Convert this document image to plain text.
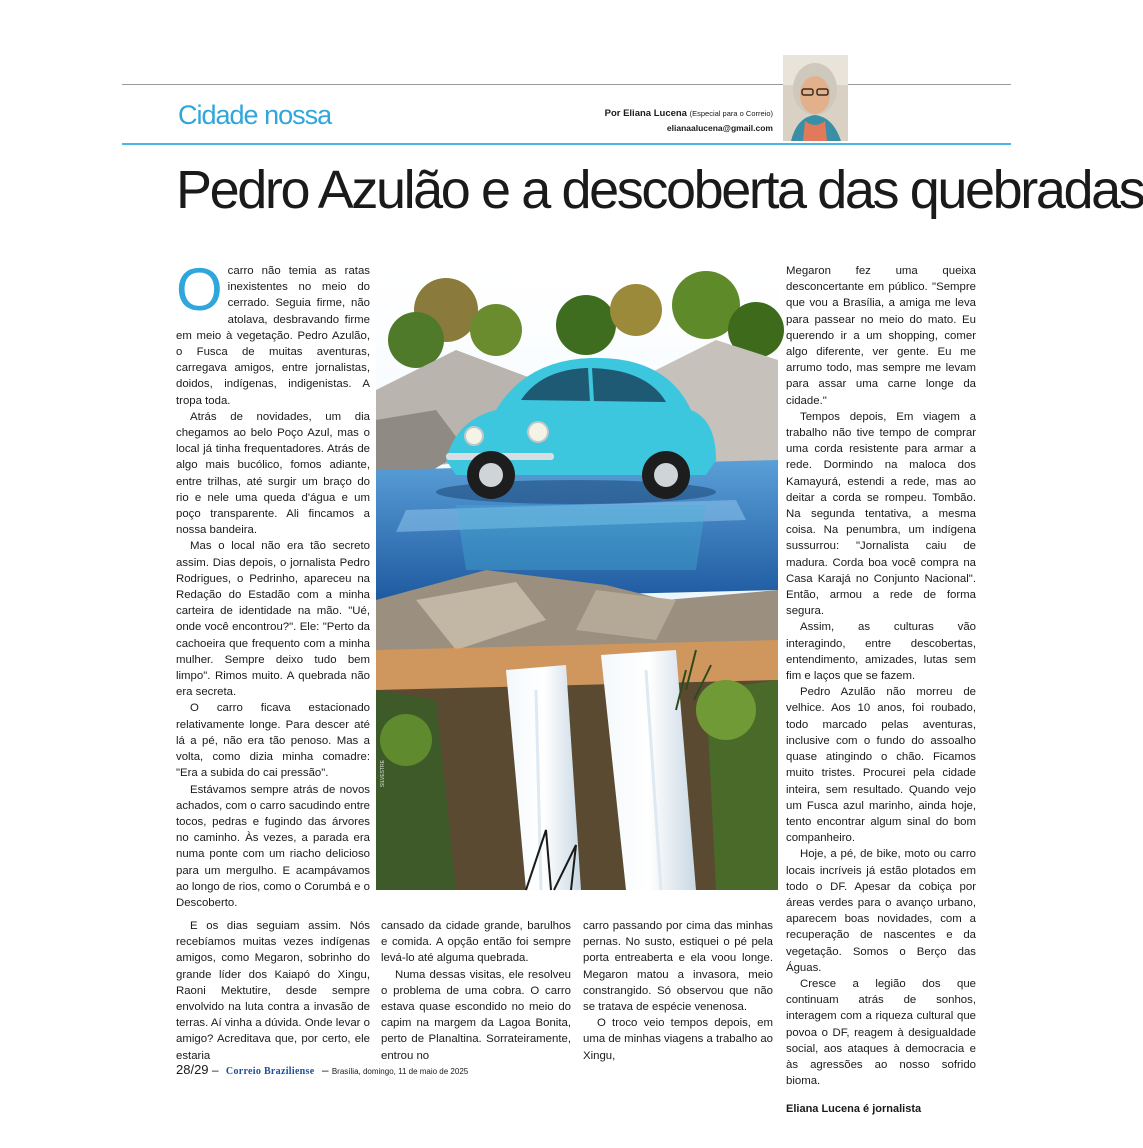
Cidade nossa	Por Eliana Lucena (Especial para o Correio)
elianaalucena@gmail.com
Pedro Azulão e a descoberta das quebradas

Ocarro não temia as ratas inexistentes no meio do cerrado. Seguia firme, não atolava, desbravando firme em meio à vegetação. Pedro Azulão, o Fusca de muitas aventuras, carregava amigos, entre jornalistas, doidos, indígenas, indigenistas. A tropa toda.

Atrás de novidades, um dia chegamos ao belo Poço Azul, mas o local já tinha frequentadores. Atrás de algo mais bucólico, fomos adiante, entre trilhas, até surgir um braço do rio e nele uma queda d'água e um poço transparente. Ali fincamos a nossa bandeira.

Mas o local não era tão secreto assim. Dias depois, o jornalista Pedro Rodrigues, o Pedrinho, apareceu na Redação do Estadão com a minha carteira de identidade na mão. "Ué, onde você encontrou?". Ele: "Perto da cachoeira que frequento com a minha mulher. Sempre deixo tudo bem limpo". Rimos muito. A quebrada não era secreta.

O carro ficava estacionado relativamente longe. Para descer até lá a pé, não era tão penoso. Mas a volta, como dizia minha comadre: "Era a subida do cai pressão".

Estávamos sempre atrás de novos achados, com o carro sacudindo entre tocos, pedras e fugindo das árvores no caminho. Às vezes, a parada era numa ponte com um riacho delicioso para um mergulho. E acampávamos ao longo de rios, como o Corumbá e o Descoberto.

SILVESTRE

E os dias seguiam assim. Nós recebíamos muitas vezes indígenas amigos, como Megaron, sobrinho do grande líder dos Kaiapó do Xingu, Raoni Mektutire, desde sempre envolvido na luta contra a invasão de terras. Aí vinha a dúvida. Onde levar o amigo? Acreditava que, por certo, ele estaria

cansado da cidade grande, barulhos e comida. A opção então foi sempre levá-lo até alguma quebrada.

Numa dessas visitas, ele resolveu o problema de uma cobra. O carro estava quase escondido no meio do capim na margem da Lagoa Bonita, perto de Planaltina. Sorrateiramente, entrou no

carro passando por cima das minhas pernas. No susto, estiquei o pé pela porta entreaberta e ela voou longe. Megaron matou a invasora, meio constrangido. Só observou que não se tratava de espécie venenosa.

O troco veio tempos depois, em uma de minhas viagens a trabalho ao Xingu,

Megaron fez uma queixa desconcertante em público. "Sempre que vou a Brasília, a amiga me leva para passear no meio do mato. Eu querendo ir a um shopping, comer algo diferente, ver gente. Eu me arrumo todo, mas sempre me levam para assar uma carne longe da cidade."

Tempos depois, Em viagem a trabalho não tive tempo de comprar uma corda resistente para armar a rede. Dormindo na maloca dos Kamayurá, estendi a rede, mas ao deitar a corda se rompeu. Tombão. Na segunda tentativa, a mesma coisa. Na penumbra, um indígena sussurrou: "Jornalista caiu de madura. Corda boa você compra na Casa Karajá no Conjunto Nacional". Então, armou a rede de forma segura.

Assim, as culturas vão interagindo, entre descobertas, entendimento, amizades, lutas sem fim e laços que se fazem.

Pedro Azulão não morreu de velhice. Aos 10 anos, foi roubado, todo marcado pelas aventuras, inclusive com o fundo do assoalho quase atingindo o chão. Ficamos muito tristes. Procurei pela cidade inteira, sem resultado. Quando vejo um Fusca azul marinho, ainda hoje, tento encontrar algum sinal do bom companheiro.

Hoje, a pé, de bike, moto ou carro locais incríveis já estão plotados em todo o DF. Apesar da cobiça por áreas verdes para o avanço urbano, aparecem boas novidades, com a recuperação de nascentes e da vegetação. Somos o Berço das Águas.

Cresce a legião dos que continuam atrás de sonhos, interagem com a riqueza cultural que povoa o DF, reagem à desigualdade social, aos ataques à democracia e às agressões ao nosso sofrido bioma.

Eliana Lucena é jornalista

28/29 – Correio Braziliense – Brasília, domingo, 11 de maio de 2025
